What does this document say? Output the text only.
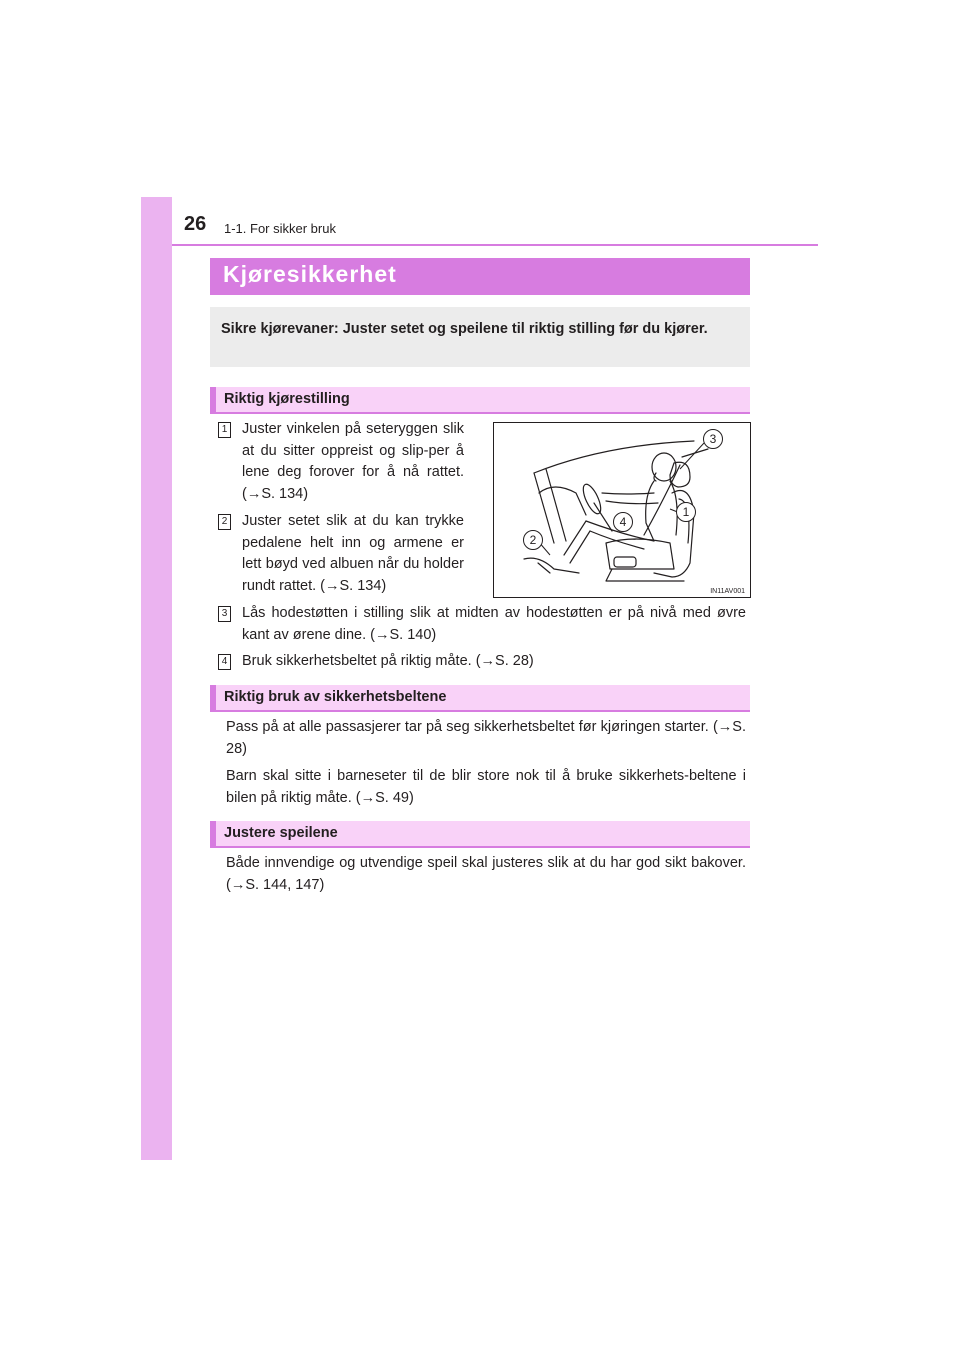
26 1-1. For sikker bruk
Kjøresikkerhet

Sikre kjørevaner: Juster setet og speilene til riktig stilling før du kjører.

Riktig kjørestilling
1 Juster vinkelen på seteryggen slik at du sitter oppreist og slip-per å lene deg forover for å nå rattet. (→S. 134)
2 Juster setet slik at du kan trykke pedalene helt inn og armene er lett bøyd ved albuen når du holder rundt rattet. (→S. 134)
3 Lås hodestøtten i stilling slik at midten av hodestøtten er på nivå med øvre kant av ørene dine. (→S. 140)
4 Bruk sikkerhetsbeltet på riktig måte. (→S. 28)
3
1
4
2
IN11AV001
Riktig bruk av sikkerhetsbeltene

Pass på at alle passasjerer tar på seg sikkerhetsbeltet før kjøringen starter. (→S. 28)

Barn skal sitte i barneseter til de blir store nok til å bruke sikkerhets-beltene i bilen på riktig måte. (→S. 49)

Justere speilene

Både innvendige og utvendige speil skal justeres slik at du har god sikt bakover. (→S. 144, 147)
